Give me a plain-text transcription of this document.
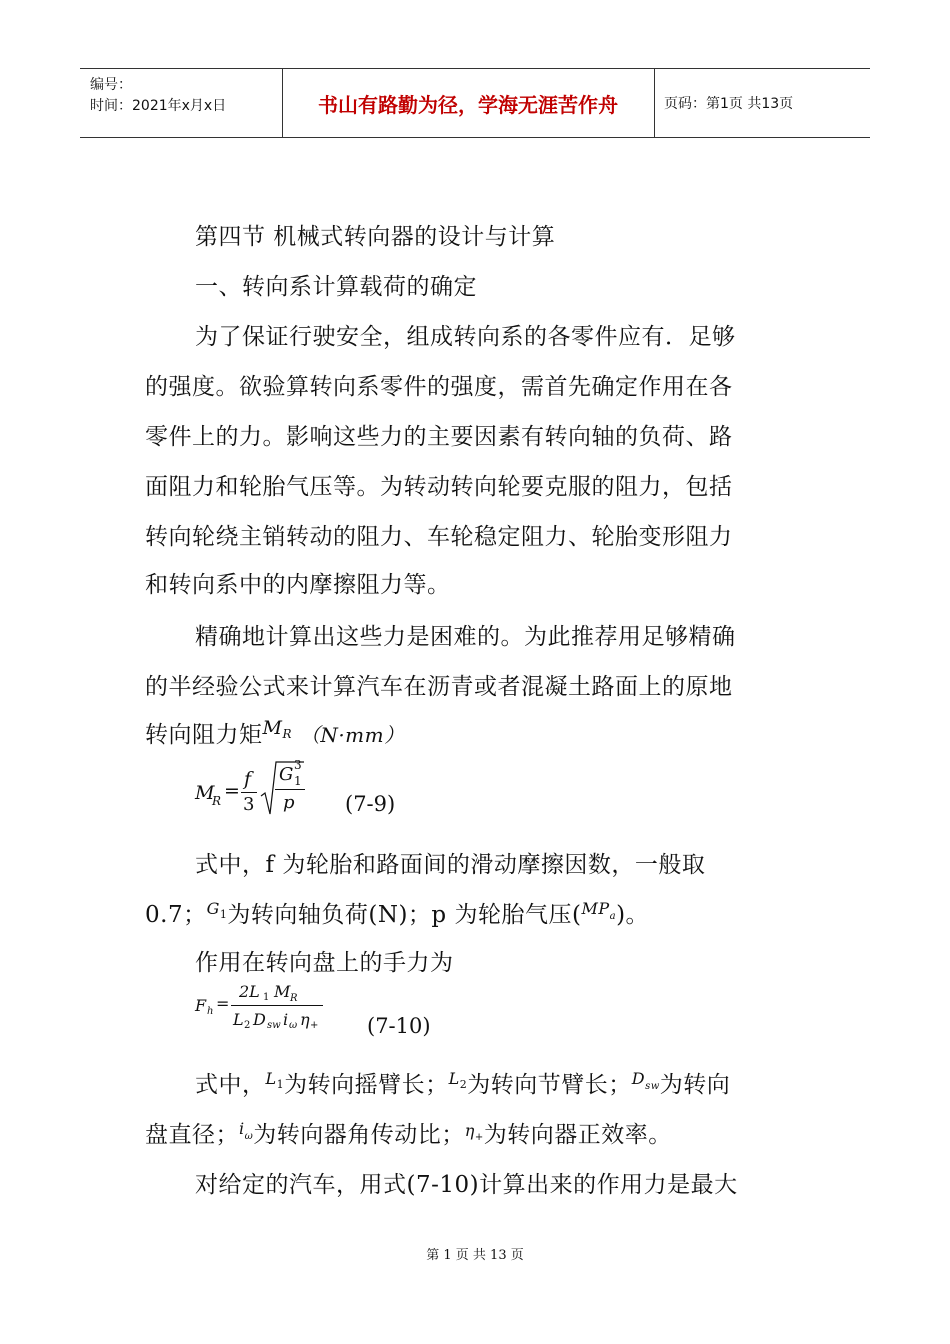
编号：
时间：2021年x月x日	书山有路勤为径，学海无涯苦作舟	页码：第1页 共13页
第四节 机械式转向器的设计与计算
一、转向系计算载荷的确定
为了保证行驶安全，组成转向系的各零件应有．足够
的强度。欲验算转向系零件的强度，需首先确定作用在各
零件上的力。影响这些力的主要因素有转向轴的负荷、路
面阻力和轮胎气压等。为转动转向轮要克服的阻力，包括
转向轮绕主销转动的阻力、车轮稳定阻力、轮胎变形阻力
和转向系中的内摩擦阻力等。
精确地计算出这些力是困难的。为此推荐用足够精确
的半经验公式来计算汽车在沥青或者混凝土路面上的原地
转向阻力矩$^{MR}$ （N·mm）
M
R =
f
3
G 3
1
p (7-9)
式中，f 为轮胎和路面间的滑动摩擦因数，一般取
0.7；$^G$1为转向轴负荷(N)；p 为轮胎气压($^{MPa}$)。
作用在转向盘上的手力为
F h =
2L 1 M R
L 2 D sw i ω η + (7-10)
式中，$^L$1为转向摇臂长；$^L$2为转向节臂长；$^{Dsw}$为转向
盘直径；$^{i\omega}$为转向器角传动比；$^\eta$+为转向器正效率。
对给定的汽车，用式(7-10)计算出来的作用力是最大
第 1 页 共 13 页
